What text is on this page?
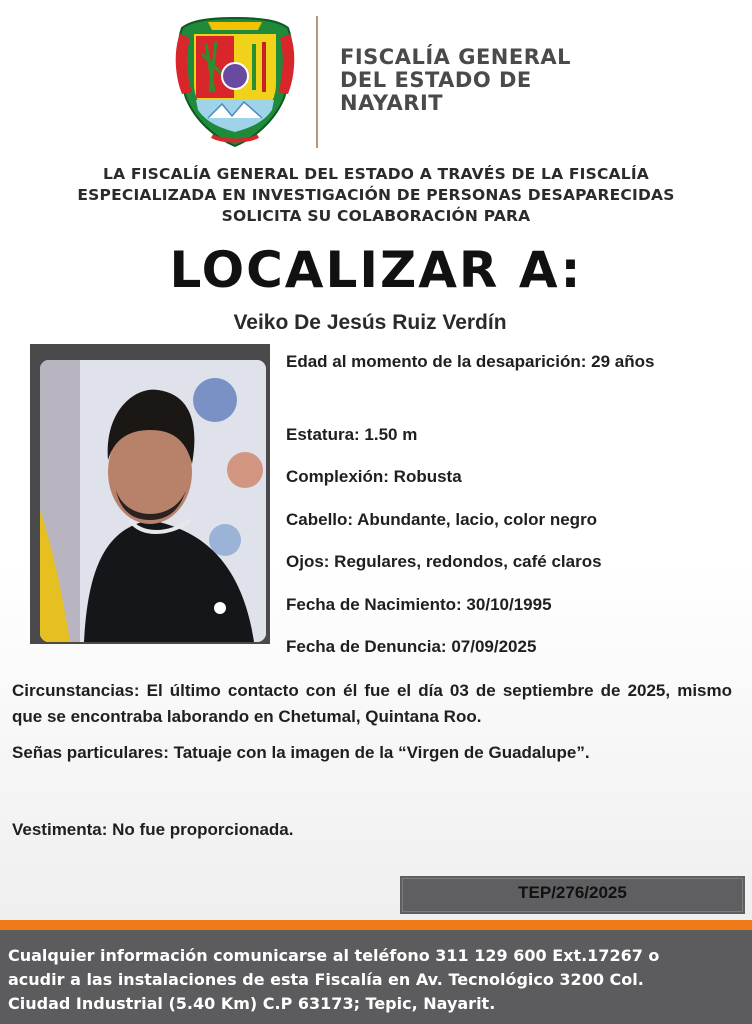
FISCALÍA GENERAL
DEL ESTADO DE
NAYARIT
LA FISCALÍA GENERAL DEL ESTADO A TRAVÉS DE LA FISCALÍA
ESPECIALIZADA EN INVESTIGACIÓN DE PERSONAS DESAPARECIDAS
SOLICITA SU COLABORACIÓN PARA
LOCALIZAR A:
Veiko De Jesús Ruiz Verdín
Edad al momento de la desaparición: 29 años
Estatura: 1.50 m
Complexión: Robusta
Cabello: Abundante, lacio, color negro
Ojos: Regulares, redondos, café claros
Fecha de Nacimiento: 30/10/1995
Fecha de Denuncia: 07/09/2025
Circunstancias: El último contacto con él fue el día 03 de septiembre de 2025, mismo que se encontraba laborando en Chetumal, Quintana Roo.
Señas particulares: Tatuaje con la imagen de la “Virgen de Guadalupe”.
Vestimenta: No fue proporcionada.
TEP/276/2025
Cualquier información comunicarse al teléfono 311 129 600 Ext.17267 o
acudir a las instalaciones de esta Fiscalía en Av. Tecnológico 3200 Col.
Ciudad Industrial (5.40 Km) C.P 63173; Tepic, Nayarit.
